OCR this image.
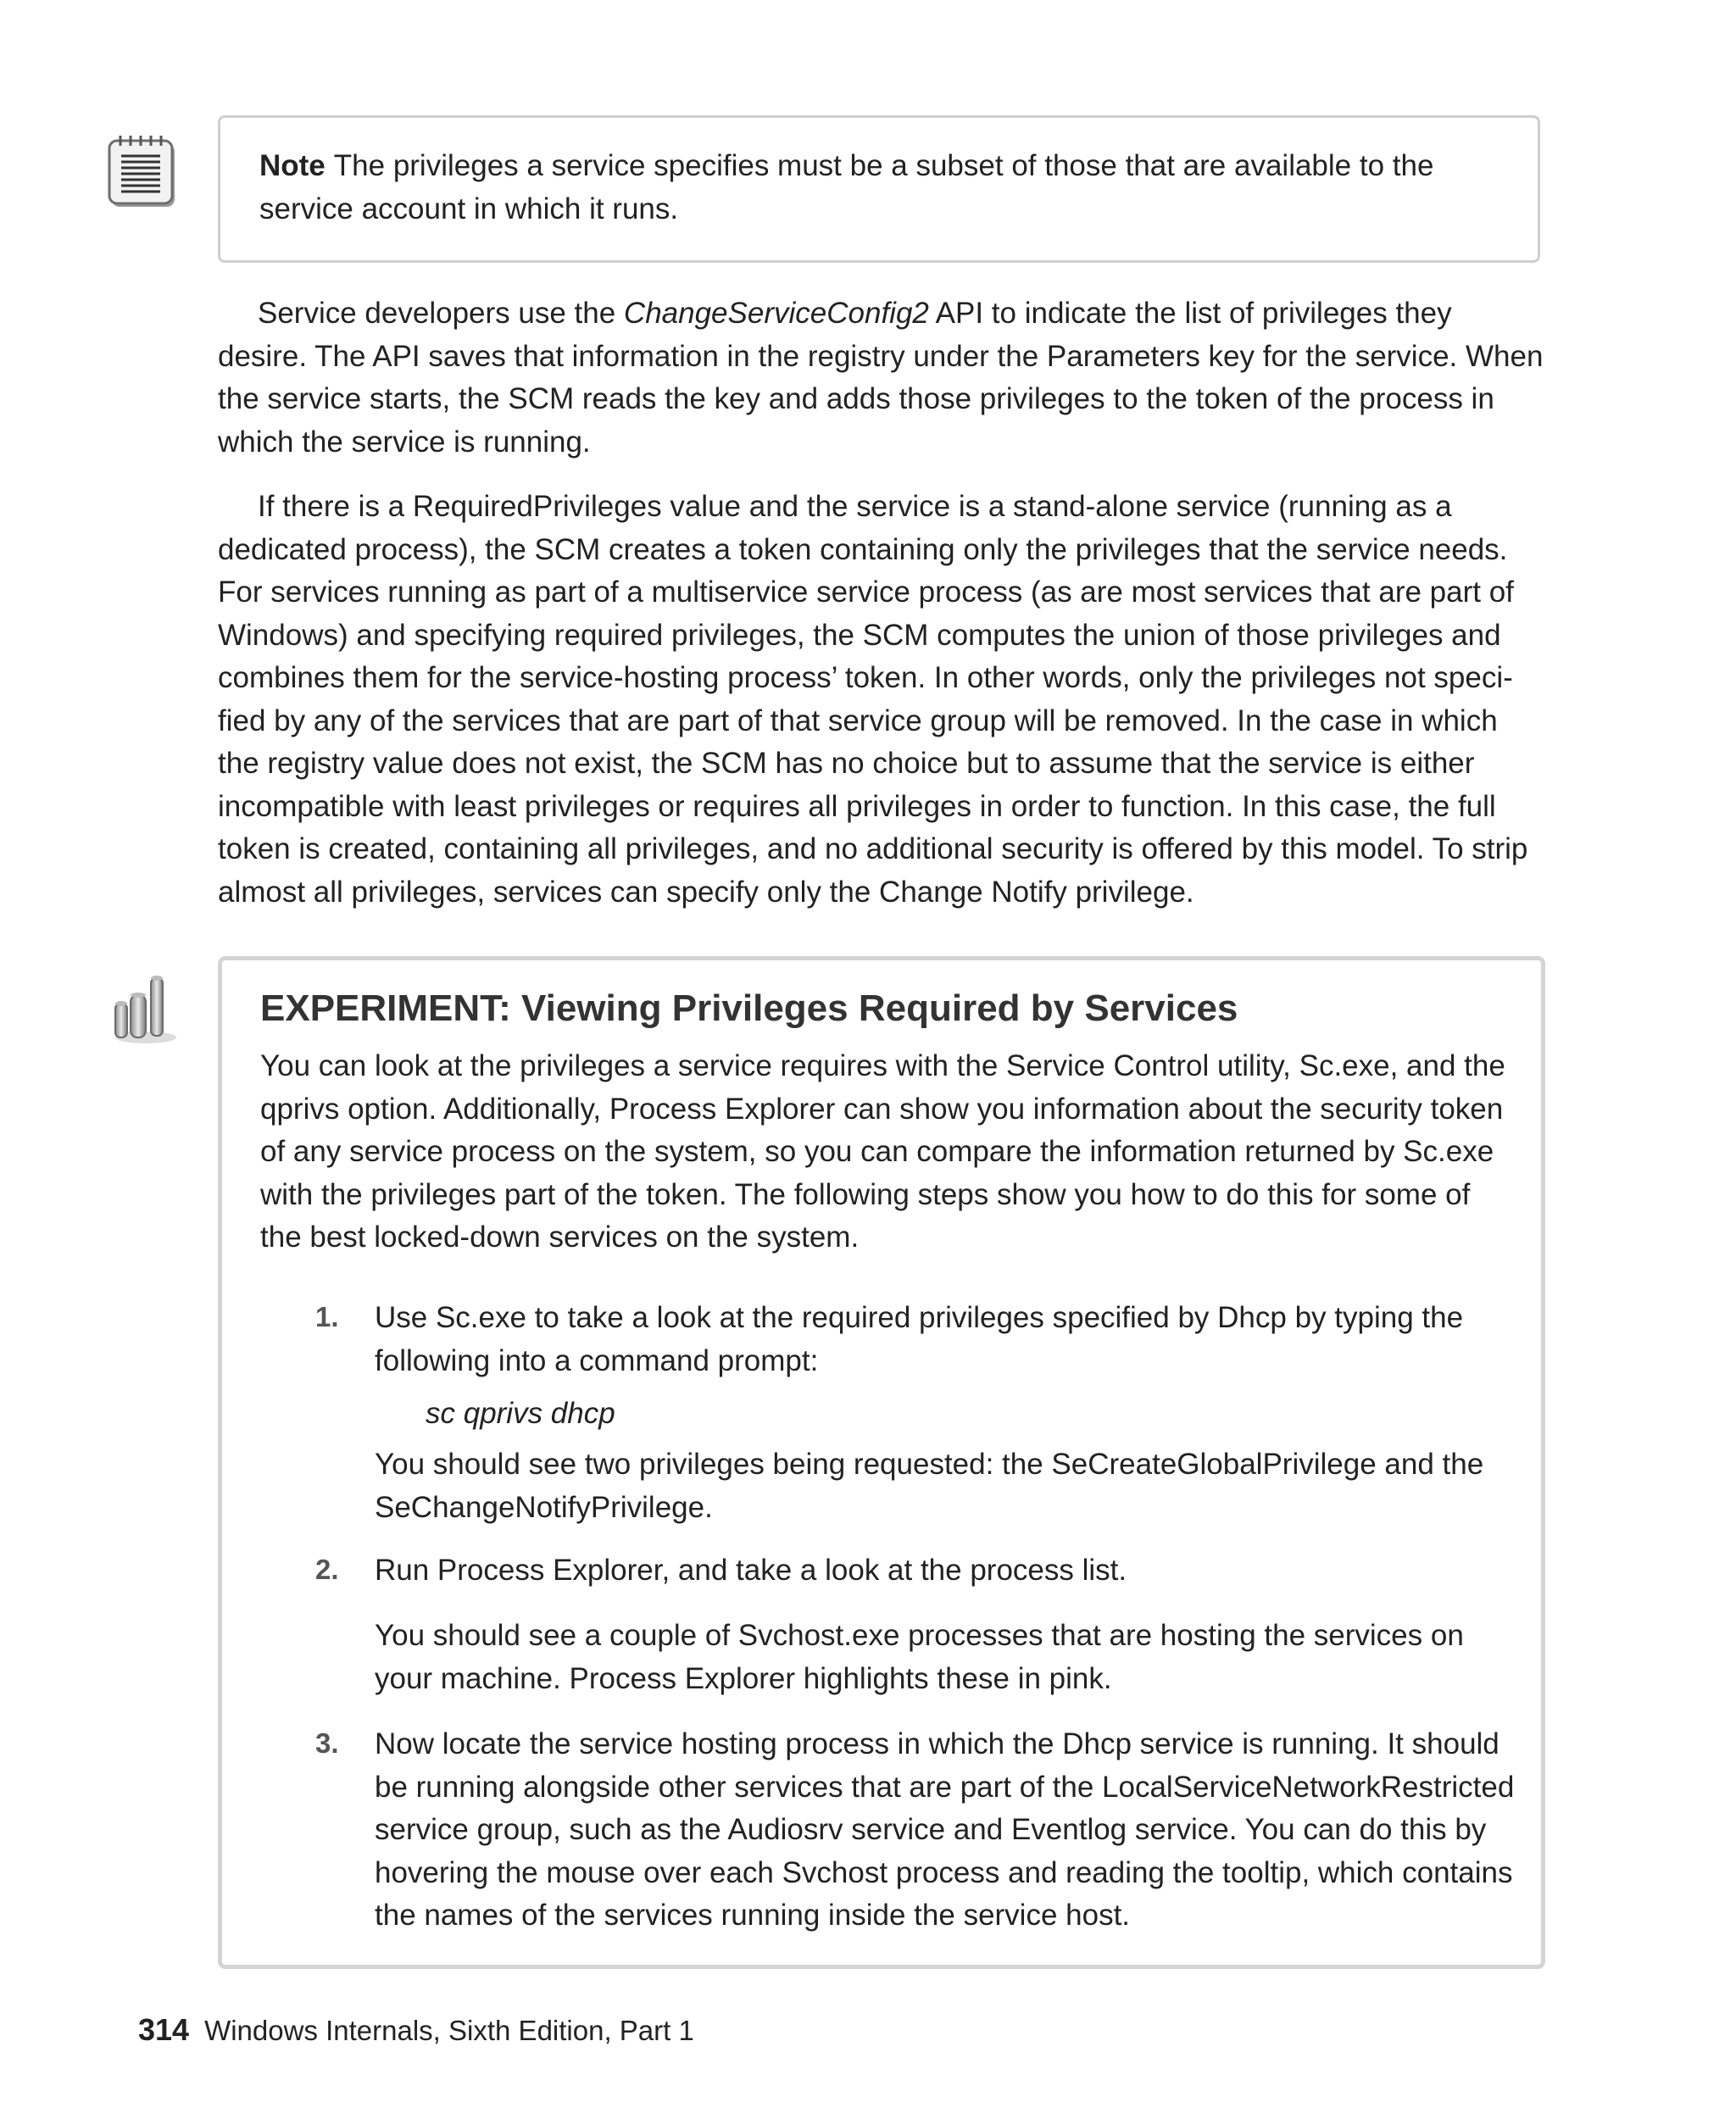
Note The privileges a service specifies must be a subset of those that are available to the service account in which it runs.

Service developers use the ChangeServiceConfig2 API to indicate the list of privileges they desire. The API saves that information in the registry under the Parameters key for the service. When the service starts, the SCM reads the key and adds those privileges to the token of the process in which the service is running.

If there is a RequiredPrivileges value and the service is a stand-alone service (running as a dedicated process), the SCM creates a token containing only the privileges that the service needs. For services running as part of a multiservice service process (as are most services that are part of Windows) and specifying required privileges, the SCM computes the union of those privileges and combines them for the service-hosting process’ token. In other words, only the privileges not specified by any of the services that are part of that service group will be removed. In the case in which the registry value does not exist, the SCM has no choice but to assume that the service is either incompatible with least privileges or requires all privileges in order to function. In this case, the full token is created, containing all privileges, and no additional security is offered by this model. To strip almost all privileges, services can specify only the Change Notify privilege.

EXPERIMENT: Viewing Privileges Required by Services

You can look at the privileges a service requires with the Service Control utility, Sc.exe, and the qprivs option. Additionally, Process Explorer can show you information about the security token of any service process on the system, so you can compare the information returned by Sc.exe with the privileges part of the token. The following steps show you how to do this for some of the best locked-down services on the system.

1. Use Sc.exe to take a look at the required privileges specified by Dhcp by typing the following into a command prompt:

sc qprivs dhcp

You should see two privileges being requested: the SeCreateGlobalPrivilege and the SeChangeNotifyPrivilege.

2. Run Process Explorer, and take a look at the process list.

You should see a couple of Svchost.exe processes that are hosting the services on your machine. Process Explorer highlights these in pink.

3. Now locate the service hosting process in which the Dhcp service is running. It should be running alongside other services that are part of the LocalServiceNetworkRestricted service group, such as the Audiosrv service and Eventlog service. You can do this by hovering the mouse over each Svchost process and reading the tooltip, which contains the names of the services running inside the service host.

314 Windows Internals, Sixth Edition, Part 1
